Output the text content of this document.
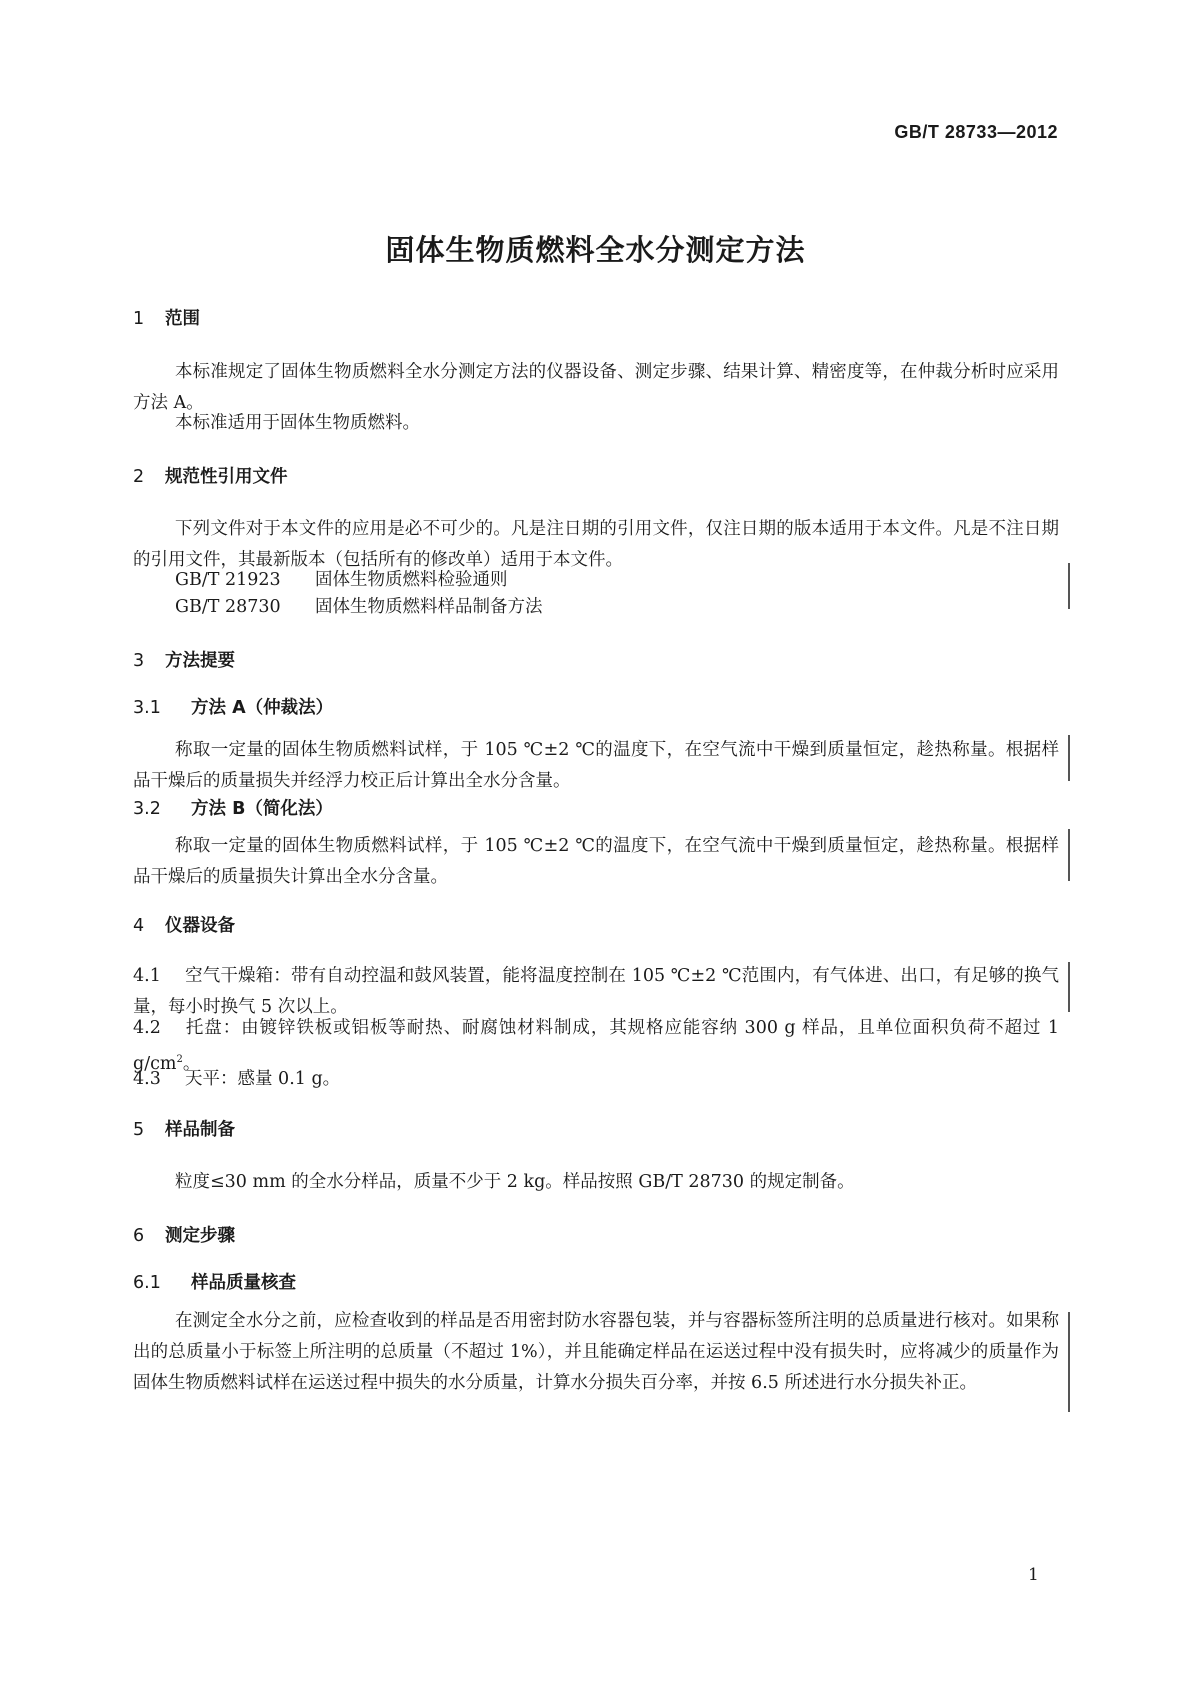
GB/T 28733—2012
固体生物质燃料全水分测定方法
1 范围
本标准规定了固体生物质燃料全水分测定方法的仪器设备、测定步骤、结果计算、精密度等，在仲裁分析时应采用方法 A。
本标准适用于固体生物质燃料。
2 规范性引用文件
下列文件对于本文件的应用是必不可少的。凡是注日期的引用文件，仅注日期的版本适用于本文件。凡是不注日期的引用文件，其最新版本（包括所有的修改单）适用于本文件。
GB/T 21923 固体生物质燃料检验通则
GB/T 28730 固体生物质燃料样品制备方法
3 方法提要
3.1 方法 A（仲裁法）
称取一定量的固体生物质燃料试样，于 105 ℃±2 ℃的温度下，在空气流中干燥到质量恒定，趁热称量。根据样品干燥后的质量损失并经浮力校正后计算出全水分含量。
3.2 方法 B（简化法）
称取一定量的固体生物质燃料试样，于 105 ℃±2 ℃的温度下，在空气流中干燥到质量恒定，趁热称量。根据样品干燥后的质量损失计算出全水分含量。
4 仪器设备
4.1 空气干燥箱：带有自动控温和鼓风装置，能将温度控制在 105 ℃±2 ℃范围内，有气体进、出口，有足够的换气量，每小时换气 5 次以上。
4.2 托盘：由镀锌铁板或铝板等耐热、耐腐蚀材料制成，其规格应能容纳 300 g 样品，且单位面积负荷不超过 1 $g/cm^2$。
4.3 天平：感量 0.1 g。
5 样品制备
粒度≤30 mm 的全水分样品，质量不少于 2 kg。样品按照 GB/T 28730 的规定制备。
6 测定步骤
6.1 样品质量核查
在测定全水分之前，应检查收到的样品是否用密封防水容器包装，并与容器标签所注明的总质量进行核对。如果称出的总质量小于标签上所注明的总质量（不超过 1%），并且能确定样品在运送过程中没有损失时，应将减少的质量作为固体生物质燃料试样在运送过程中损失的水分质量，计算水分损失百分率，并按 6.5 所述进行水分损失补正。
1
